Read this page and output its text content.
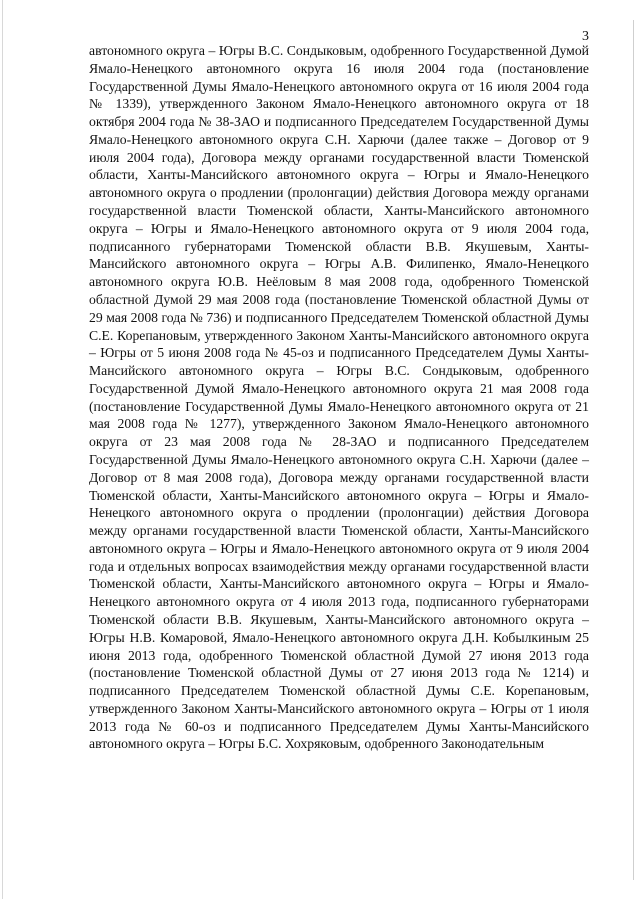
3

автономного округа – Югры В.С. Сондыковым, одобренного Государственной Думой Ямало-Ненецкого автономного округа 16 июля 2004 года (постановление Государственной Думы Ямало-Ненецкого автономного округа от 16 июля 2004 года № 1339), утвержденного Законом Ямало-Ненецкого автономного округа от 18 октября 2004 года № 38-ЗАО и подписанного Председателем Государственной Думы Ямало-Ненецкого автономного округа С.Н. Харючи (далее также – Договор от 9 июля 2004 года), Договора между органами государственной власти Тюменской области, Ханты-Мансийского автономного округа – Югры и Ямало-Ненецкого автономного округа о продлении (пролонгации) действия Договора между органами государственной власти Тюменской области, Ханты-Мансийского автономного округа – Югры и Ямало-Ненецкого автономного округа от 9 июля 2004 года, подписанного губернаторами Тюменской области В.В. Якушевым, Ханты-Мансийского автономного округа – Югры А.В. Филипенко, Ямало-Ненецкого автономного округа Ю.В. Неёловым 8 мая 2008 года, одобренного Тюменской областной Думой 29 мая 2008 года (постановление Тюменской областной Думы от 29 мая 2008 года № 736) и подписанного Председателем Тюменской областной Думы С.Е. Корепановым, утвержденного Законом Ханты-Мансийского автономного округа – Югры от 5 июня 2008 года № 45-оз и подписанного Председателем Думы Ханты-Мансийского автономного округа – Югры В.С. Сондыковым, одобренного Государственной Думой Ямало-Ненецкого автономного округа 21 мая 2008 года (постановление Государственной Думы Ямало-Ненецкого автономного округа от 21 мая 2008 года № 1277), утвержденного Законом Ямало-Ненецкого автономного округа от 23 мая 2008 года № 28-ЗАО и подписанного Председателем Государственной Думы Ямало-Ненецкого автономного округа С.Н. Харючи (далее – Договор от 8 мая 2008 года), Договора между органами государственной власти Тюменской области, Ханты-Мансийского автономного округа – Югры и Ямало-Ненецкого автономного округа о продлении (пролонгации) действия Договора между органами государственной власти Тюменской области, Ханты-Мансийского автономного округа – Югры и Ямало-Ненецкого автономного округа от 9 июля 2004 года и отдельных вопросах взаимодействия между органами государственной власти Тюменской области, Ханты-Мансийского автономного округа – Югры и Ямало-Ненецкого автономного округа от 4 июля 2013 года, подписанного губернаторами Тюменской области В.В. Якушевым, Ханты-Мансийского автономного округа – Югры Н.В. Комаровой, Ямало-Ненецкого автономного округа Д.Н. Кобылкиным 25 июня 2013 года, одобренного Тюменской областной Думой 27 июня 2013 года (постановление Тюменской областной Думы от 27 июня 2013 года № 1214) и подписанного Председателем Тюменской областной Думы С.Е. Корепановым, утвержденного Законом Ханты-Мансийского автономного округа – Югры от 1 июля 2013 года № 60-оз и подписанного Председателем Думы Ханты-Мансийского автономного округа – Югры Б.С. Хохряковым, одобренного Законодательным
